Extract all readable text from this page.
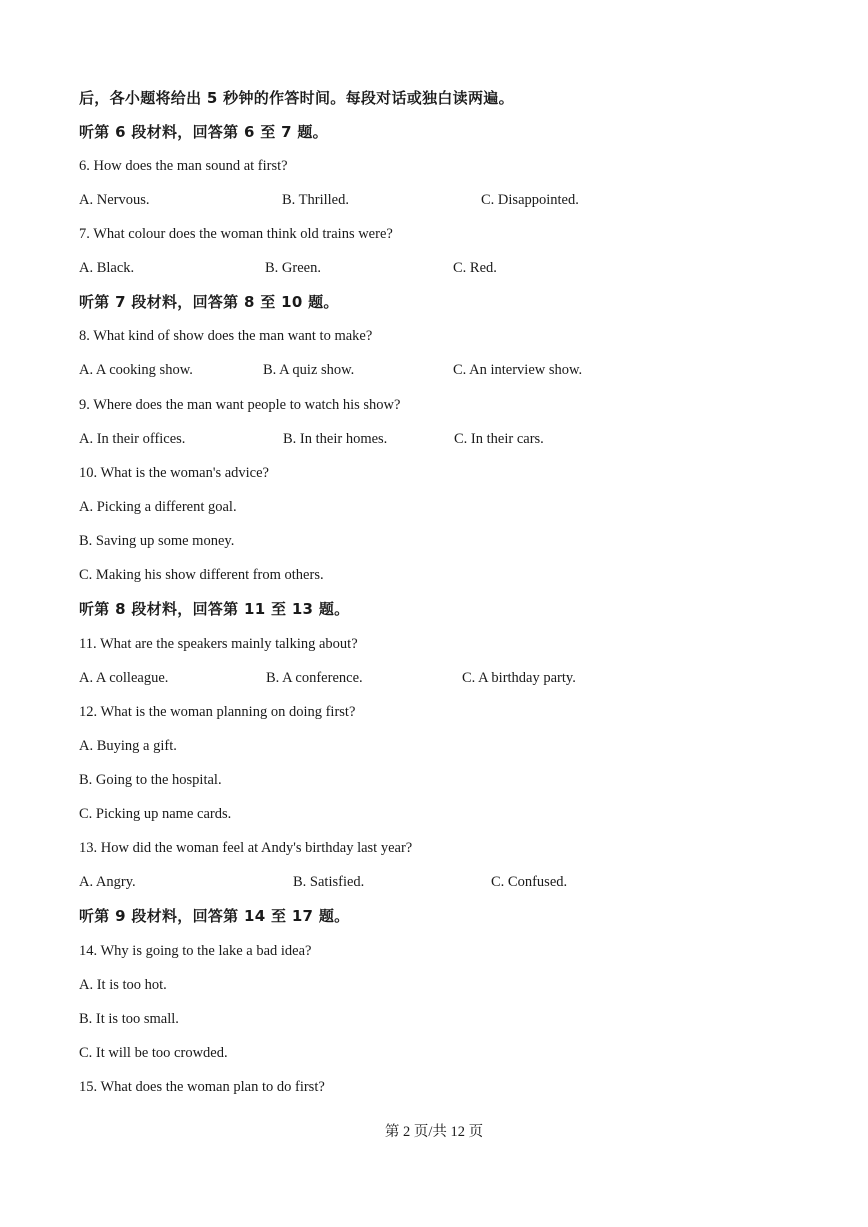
后，各小题将给出 5 秒钟的作答时间。每段对话或独白读两遍。
听第 6 段材料，回答第 6 至 7 题。
6. How does the man sound at first?
A. Nervous.	B. Thrilled.	C. Disappointed.
7. What colour does the woman think old trains were?
A. Black.	B. Green.	C. Red.
听第 7 段材料，回答第 8 至 10 题。
8. What kind of show does the man want to make?
A. A cooking show.	B. A quiz show.	C. An interview show.
9. Where does the man want people to watch his show?
A. In their offices.	B. In their homes.	C. In their cars.
10. What is the woman's advice?
A. Picking a different goal.
B. Saving up some money.
C. Making his show different from others.
听第 8 段材料，回答第 11 至 13 题。
11. What are the speakers mainly talking about?
A. A colleague.	B. A conference.	C. A birthday party.
12. What is the woman planning on doing first?
A. Buying a gift.
B. Going to the hospital.
C. Picking up name cards.
13. How did the woman feel at Andy's birthday last year?
A. Angry.	B. Satisfied.	C. Confused.
听第 9 段材料，回答第 14 至 17 题。
14. Why is going to the lake a bad idea?
A. It is too hot.
B. It is too small.
C. It will be too crowded.
15. What does the woman plan to do first?
第 2 页/共 12 页
